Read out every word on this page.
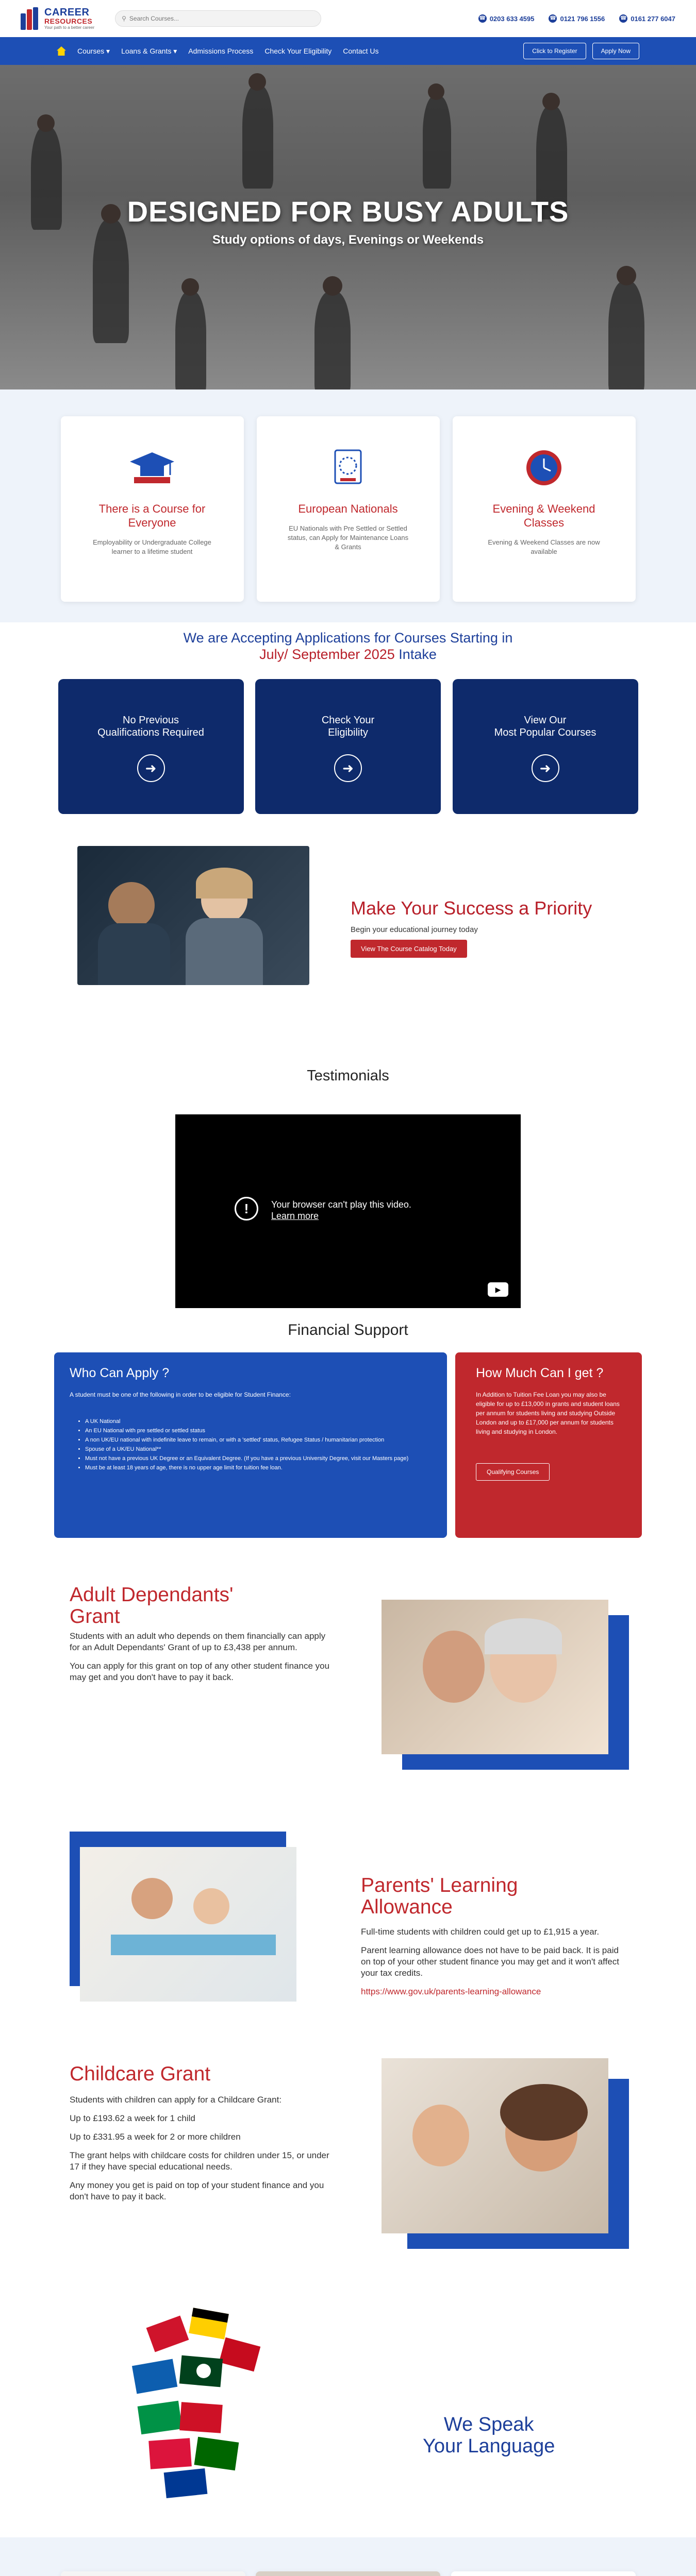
CAREER
RESOURCES
Your path to a better career
⚲
Search Courses...	☎ 0203 633 4595	☎ 0121 796 1556	☎ 0161 277 6047
Courses ▾ Loans & Grants ▾ Admissions Process Check Your Eligibility Contact Us	Click to Register	Apply Now
DESIGNED FOR BUSY ADULTS
Study options of days, Evenings or Weekends
There is a Course for Everyone

Employability or Undergraduate College learner to a lifetime student

European Nationals

EU Nationals with Pre Settled or Settled status, can Apply for Maintenance Loans & Grants

Evening & Weekend Classes

Evening & Weekend Classes are now available

We are Accepting Applications for Courses Starting in
July/ September 2025 Intake
No Previous
Qualifications Required
➜
Check Your
Eligibility
➜
View Our
Most Popular Courses
➜
Make Your Success a Priority
Begin your educational journey today
View The Course Catalog Today
Testimonials
!	Your browser can't play this video.
Learn more
▶
Financial Support
Who Can Apply ?
A student must be one of the following in order to be eligible for Student Finance:
• A UK National
• An EU National with pre settled or settled status
• A non UK/EU national with indefinite leave to remain, or with a 'settled' status, Refugee Status / humanitarian protection
• Spouse of a UK/EU National**
• Must not have a previous UK Degree or an Equivalent Degree. (If you have a previous University Degree, visit our Masters page)
• Must be at least 18 years of age, there is no upper age limit for tuition fee loan.
How Much Can I get ?

In Addition to Tuition Fee Loan you may also be eligible for up to £13,000 in grants and student loans per annum for students living and studying Outside London and up to £17,000 per annum for students living and studying in London.

Qualifying Courses
Adult Dependants' Grant

Students with an adult who depends on them financially can apply for an Adult Dependants' Grant of up to £3,438 per annum.

You can apply for this grant on top of any other student finance you may get and you don't have to pay it back.

Parents' Learning Allowance

Full-time students with children could get up to £1,915 a year.

Parent learning allowance does not have to be paid back. It is paid on top of your other student finance you may get and it won't affect your tax credits.

https://www.gov.uk/parents-learning-allowance

Childcare Grant

Students with children can apply for a Childcare Grant:

Up to £193.62 a week for 1 child

Up to £331.95 a week for 2 or more children

The grant helps with childcare costs for children under 15, or under 17 if they have special educational needs.

Any money you get is paid on top of your student finance and you don't have to pay it back.

We Speak
Your Language
